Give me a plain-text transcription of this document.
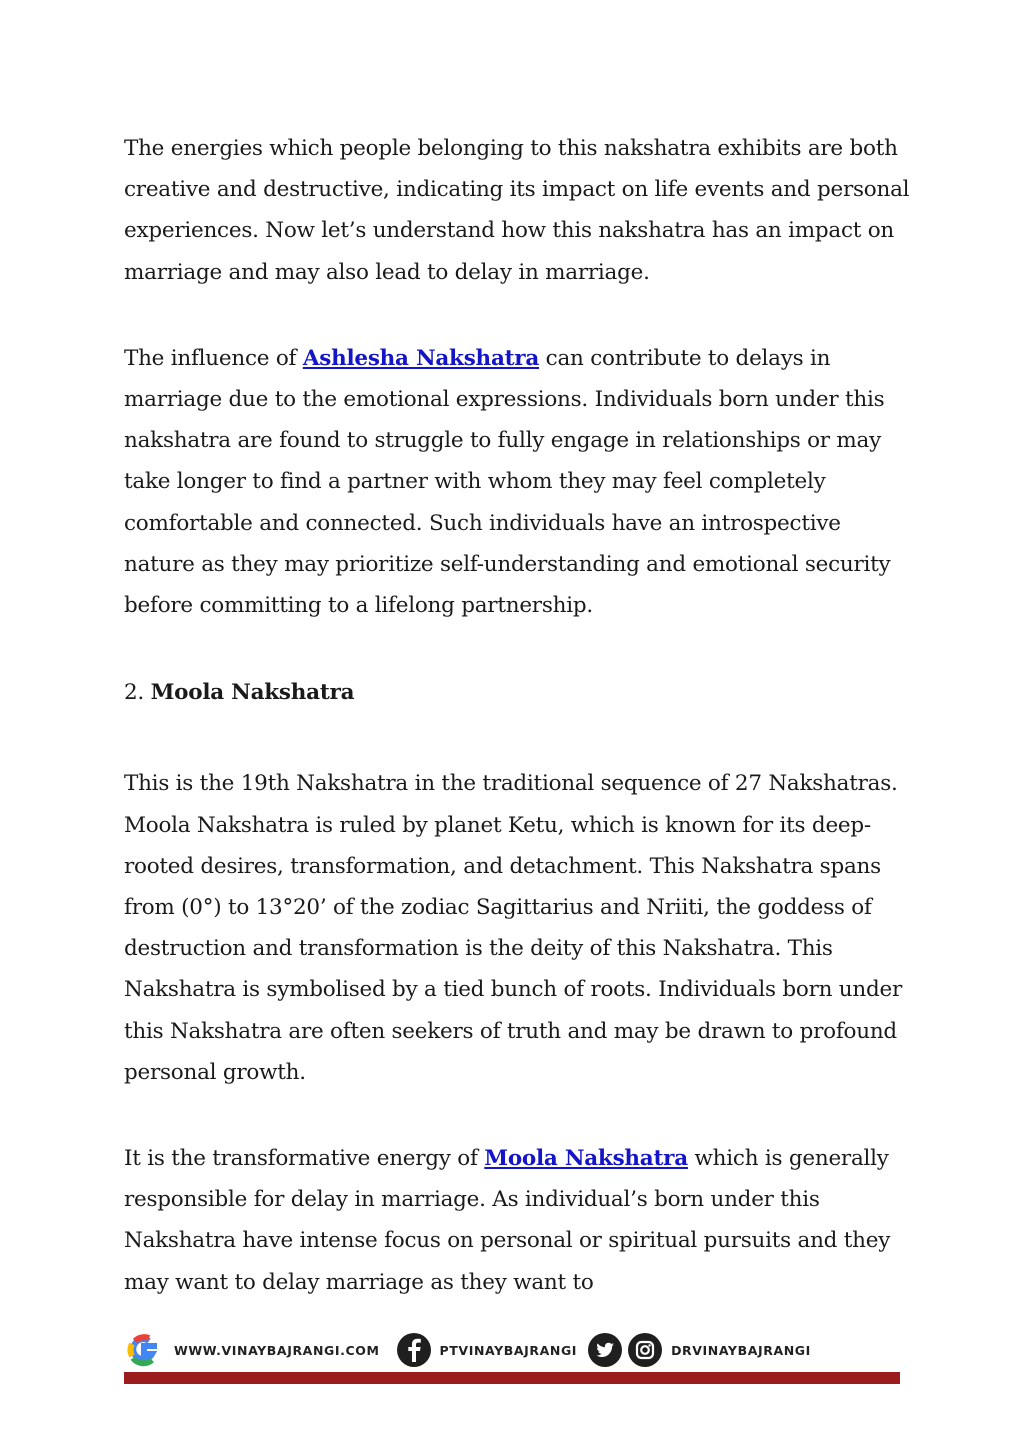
The energies which people belonging to this nakshatra exhibits are both creative and destructive, indicating its impact on life events and personal experiences. Now let’s understand how this nakshatra has an impact on marriage and may also lead to delay in marriage.

The influence of Ashlesha Nakshatra can contribute to delays in marriage due to the emotional expressions. Individuals born under this nakshatra are found to struggle to fully engage in relationships or may take longer to find a partner with whom they may feel completely comfortable and connected. Such individuals have an introspective nature as they may prioritize self-understanding and emotional security before committing to a lifelong partnership.

2. Moola Nakshatra

This is the 19th Nakshatra in the traditional sequence of 27 Nakshatras. Moola Nakshatra is ruled by planet Ketu, which is known for its deep-rooted desires, transformation, and detachment. This Nakshatra spans from (0°) to 13°20’ of the zodiac Sagittarius and Nriiti, the goddess of destruction and transformation is the deity of this Nakshatra. This Nakshatra is symbolised by a tied bunch of roots. Individuals born under this Nakshatra are often seekers of truth and may be drawn to profound personal growth.

It is the transformative energy of Moola Nakshatra which is generally responsible for delay in marriage. As individual’s born under this Nakshatra have intense focus on personal or spiritual pursuits and they may want to delay marriage as they want to

WWW.VINAYBAJRANGI.COM	PTVINAYBAJRANGI	DRVINAYBAJRANGI
